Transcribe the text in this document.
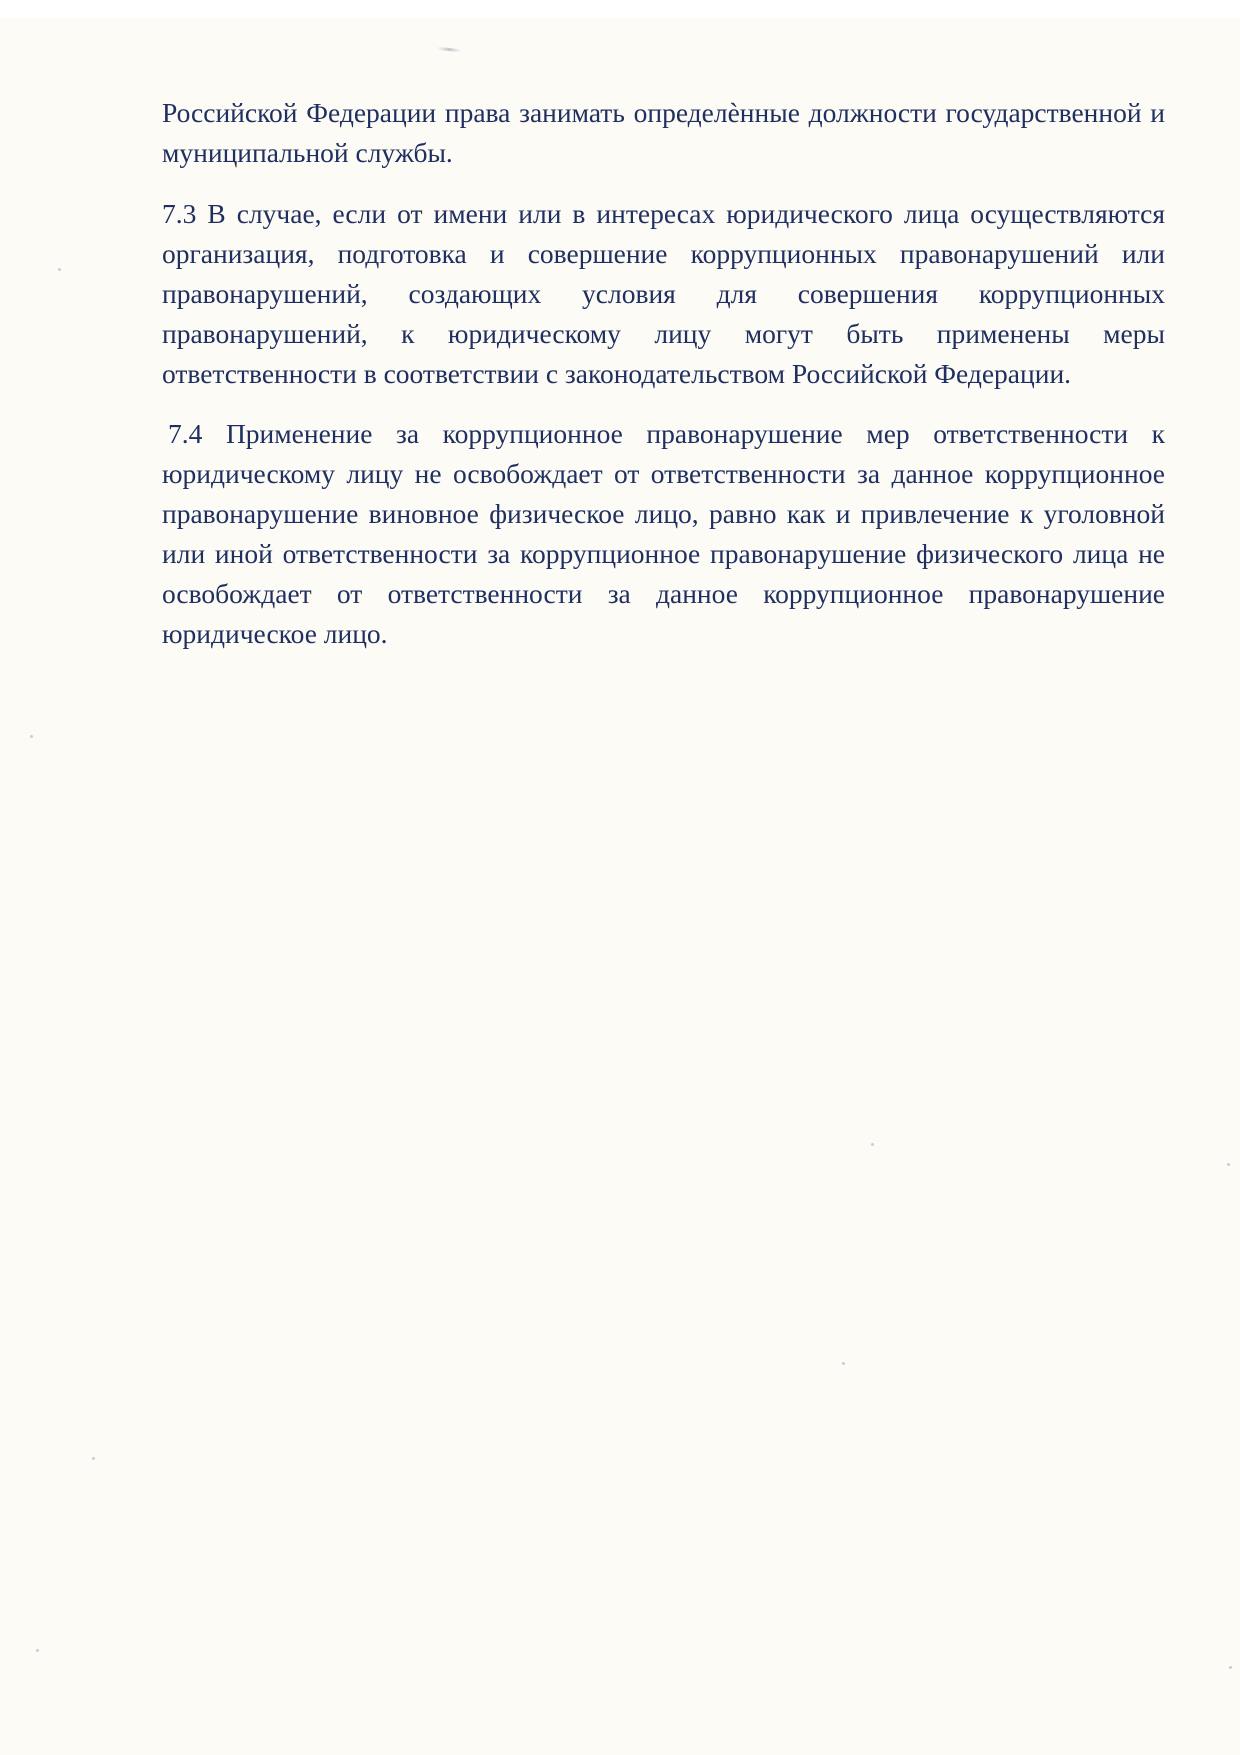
Российской Федерации права занимать определѐнные должности государственной и муниципальной службы.

7.3 В случае, если от имени или в интересах юридического лица осуществляются организация, подготовка и совершение коррупционных правонарушений или правонарушений, создающих условия для совершения коррупционных правонарушений, к юридическому лицу могут быть применены меры ответственности в соответствии с законодательством Российской Федерации.

7.4 Применение за коррупционное правонарушение мер ответственности к юридическому лицу не освобождает от ответственности за данное коррупционное правонарушение виновное физическое лицо, равно как и привлечение к уголовной или иной ответственности за коррупционное правонарушение физического лица не освобождает от ответственности за данное коррупционное правонарушение юридическое лицо.
